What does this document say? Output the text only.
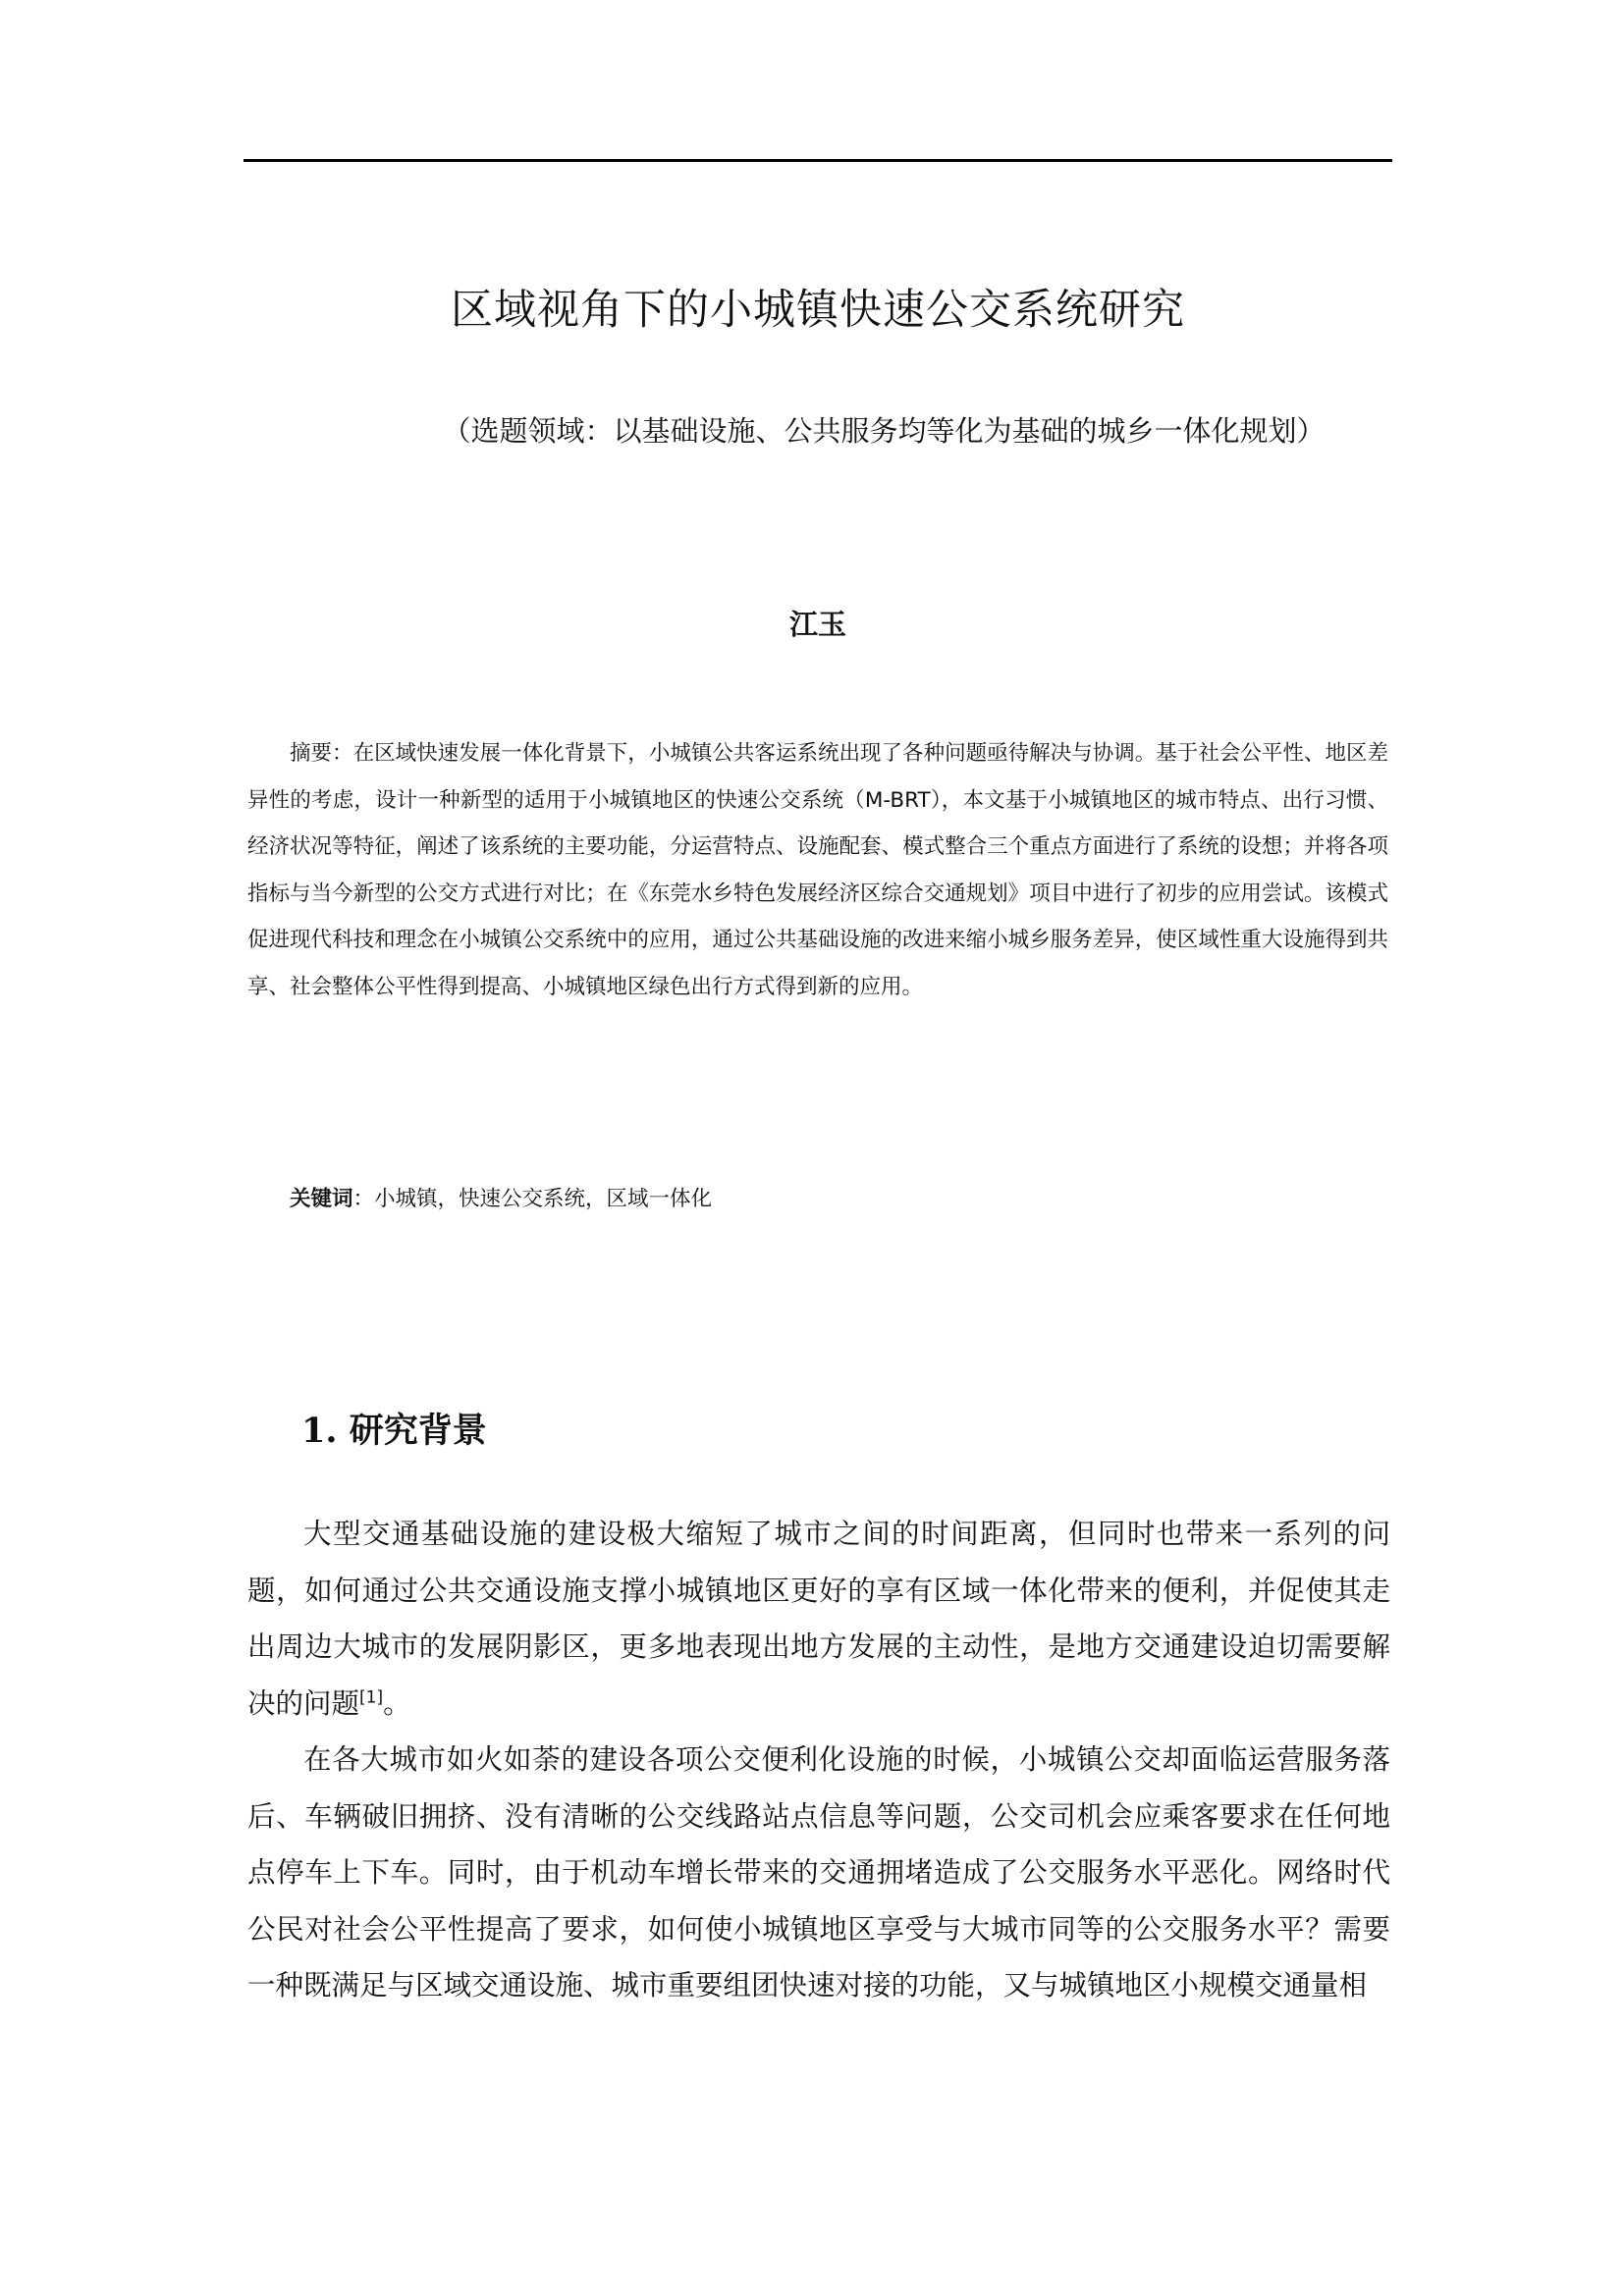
区域视角下的小城镇快速公交系统研究
（选题领域：以基础设施、公共服务均等化为基础的城乡一体化规划）
江玉

摘要：在区域快速发展一体化背景下，小城镇公共客运系统出现了各种问题亟待解决与协调。基于社会公平性、地区差异性的考虑，设计一种新型的适用于小城镇地区的快速公交系统（M-BRT），本文基于小城镇地区的城市特点、出行习惯、经济状况等特征，阐述了该系统的主要功能，分运营特点、设施配套、模式整合三个重点方面进行了系统的设想；并将各项指标与当今新型的公交方式进行对比；在《东莞水乡特色发展经济区综合交通规划》项目中进行了初步的应用尝试。该模式促进现代科技和理念在小城镇公交系统中的应用，通过公共基础设施的改进来缩小城乡服务差异，使区域性重大设施得到共享、社会整体公平性得到提高、小城镇地区绿色出行方式得到新的应用。

关键词：小城镇，快速公交系统，区域一体化
1. 研究背景

大型交通基础设施的建设极大缩短了城市之间的时间距离，但同时也带来一系列的问题，如何通过公共交通设施支撑小城镇地区更好的享有区域一体化带来的便利，并促使其走出周边大城市的发展阴影区，更多地表现出地方发展的主动性，是地方交通建设迫切需要解决的问题[1]。

在各大城市如火如荼的建设各项公交便利化设施的时候，小城镇公交却面临运营服务落后、车辆破旧拥挤、没有清晰的公交线路站点信息等问题，公交司机会应乘客要求在任何地点停车上下车。同时，由于机动车增长带来的交通拥堵造成了公交服务水平恶化。网络时代公民对社会公平性提高了要求，如何使小城镇地区享受与大城市同等的公交服务水平？需要一种既满足与区域交通设施、城市重要组团快速对接的功能，又与城镇地区小规模交通量相
